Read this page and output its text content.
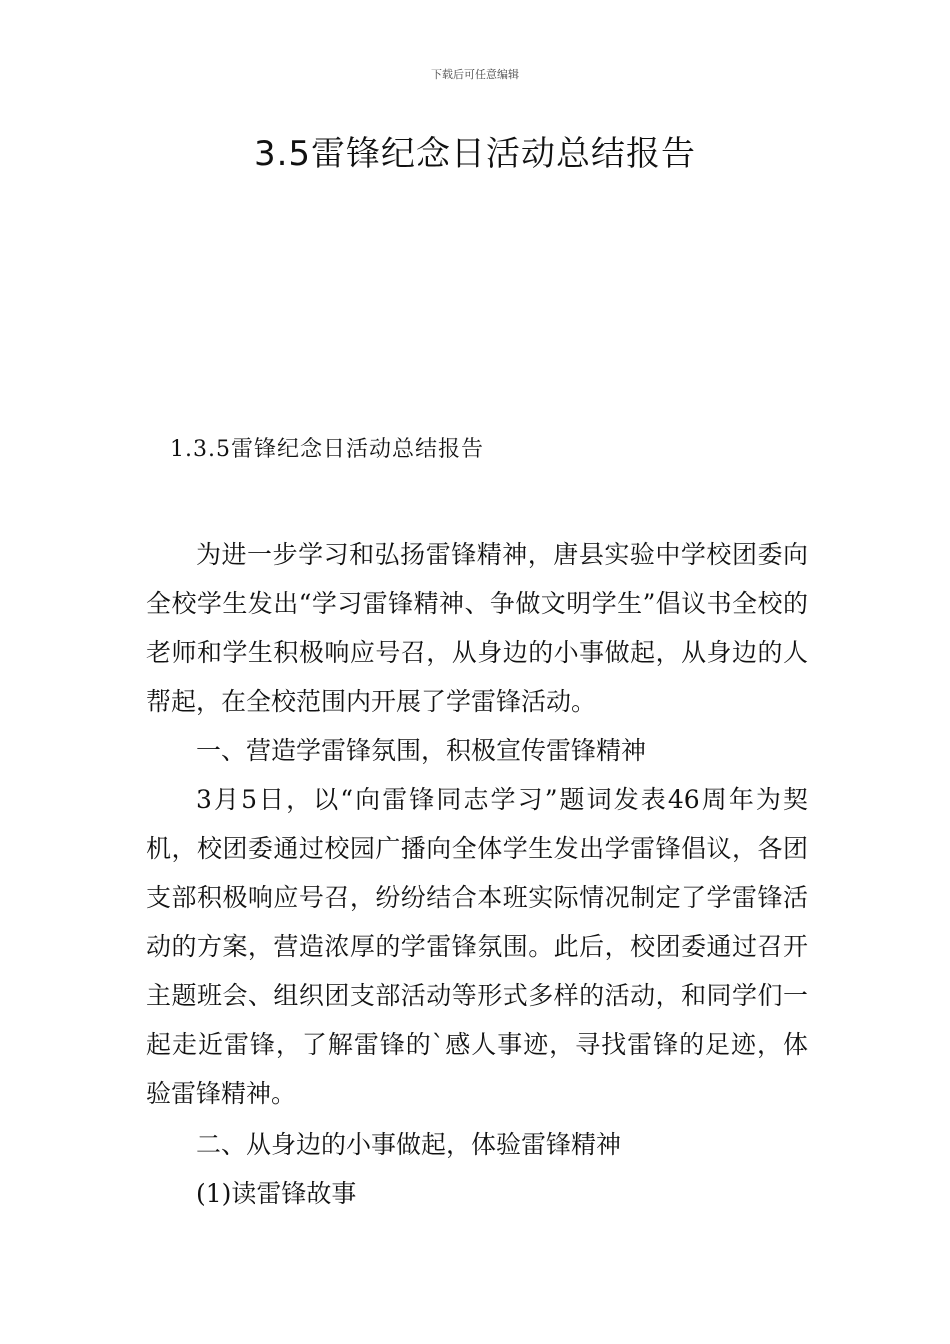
下载后可任意编辑
3.5雷锋纪念日活动总结报告
1.3.5雷锋纪念日活动总结报告

为进一步学习和弘扬雷锋精神，唐县实验中学校团委向全校学生发出“学习雷锋精神、争做文明学生”倡议书全校的老师和学生积极响应号召，从身边的小事做起，从身边的人帮起，在全校范围内开展了学雷锋活动。

一、营造学雷锋氛围，积极宣传雷锋精神

3月5日，以“向雷锋同志学习”题词发表46周年为契机，校团委通过校园广播向全体学生发出学雷锋倡议，各团支部积极响应号召，纷纷结合本班实际情况制定了学雷锋活动的方案，营造浓厚的学雷锋氛围。此后，校团委通过召开主题班会、组织团支部活动等形式多样的活动，和同学们一起走近雷锋，了解雷锋的`感人事迹，寻找雷锋的足迹，体验雷锋精神。

二、从身边的小事做起，体验雷锋精神

(1)读雷锋故事
